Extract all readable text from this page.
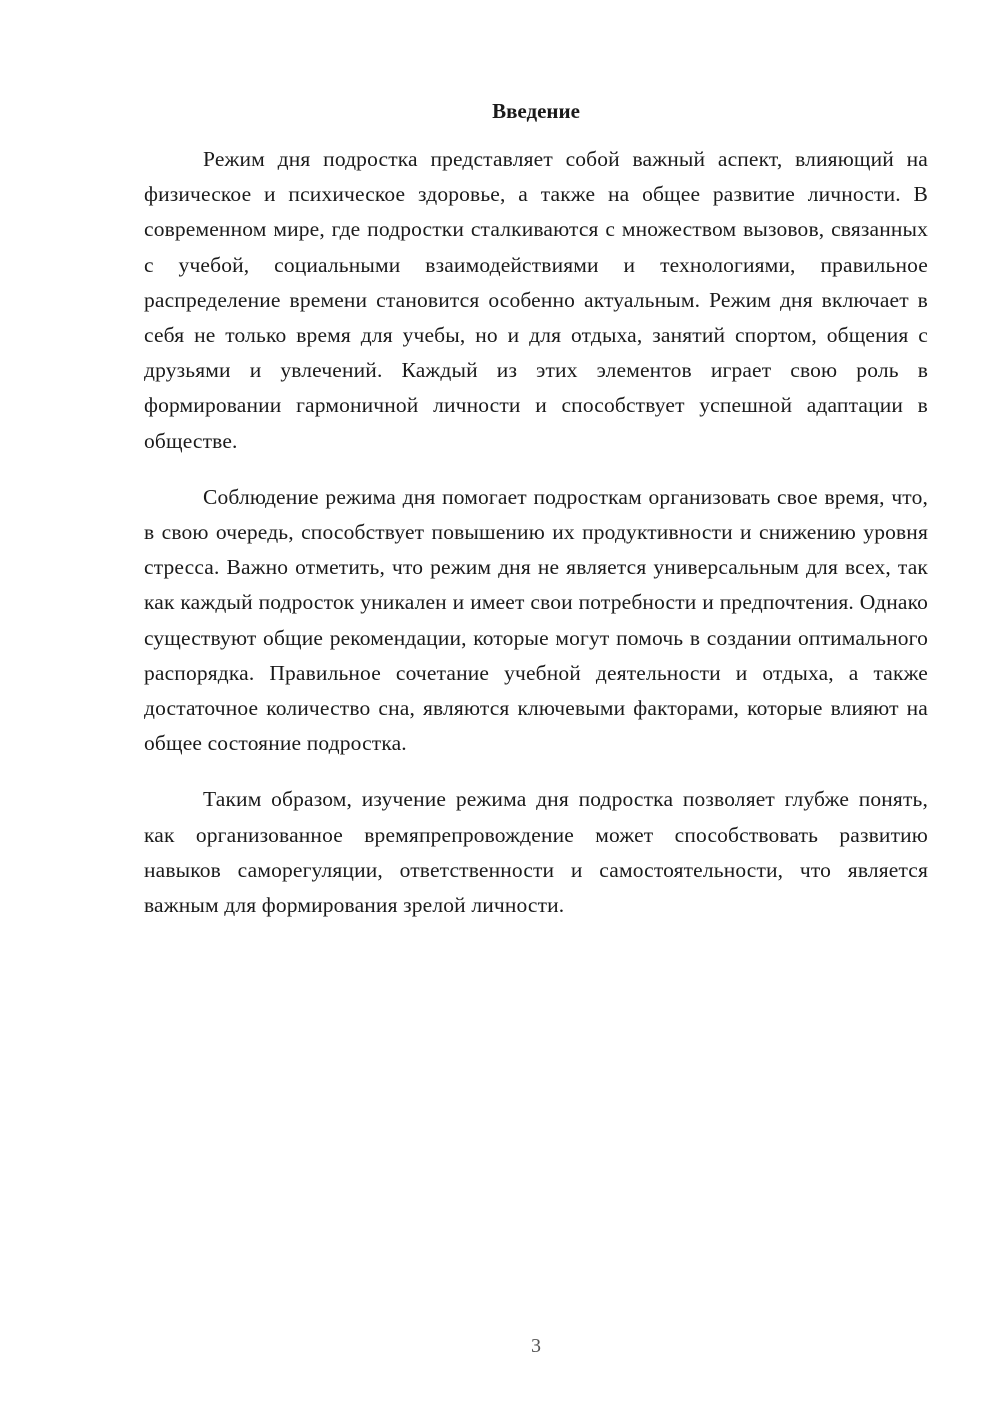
Введение

Режим дня подростка представляет собой важный аспект, влияющий на физическое и психическое здоровье, а также на общее развитие личности. В современном мире, где подростки сталкиваются с множеством вызовов, связанных с учебой, социальными взаимодействиями и технологиями, правильное распределение времени становится особенно актуальным. Режим дня включает в себя не только время для учебы, но и для отдыха, занятий спортом, общения с друзьями и увлечений. Каждый из этих элементов играет свою роль в формировании гармоничной личности и способствует успешной адаптации в обществе.

Соблюдение режима дня помогает подросткам организовать свое время, что, в свою очередь, способствует повышению их продуктивности и снижению уровня стресса. Важно отметить, что режим дня не является универсальным для всех, так как каждый подросток уникален и имеет свои потребности и предпочтения. Однако существуют общие рекомендации, которые могут помочь в создании оптимального распорядка. Правильное сочетание учебной деятельности и отдыха, а также достаточное количество сна, являются ключевыми факторами, которые влияют на общее состояние подростка.

Таким образом, изучение режима дня подростка позволяет глубже понять, как организованное времяпрепровождение может способствовать развитию навыков саморегуляции, ответственности и самостоятельности, что является важным для формирования зрелой личности.

3
